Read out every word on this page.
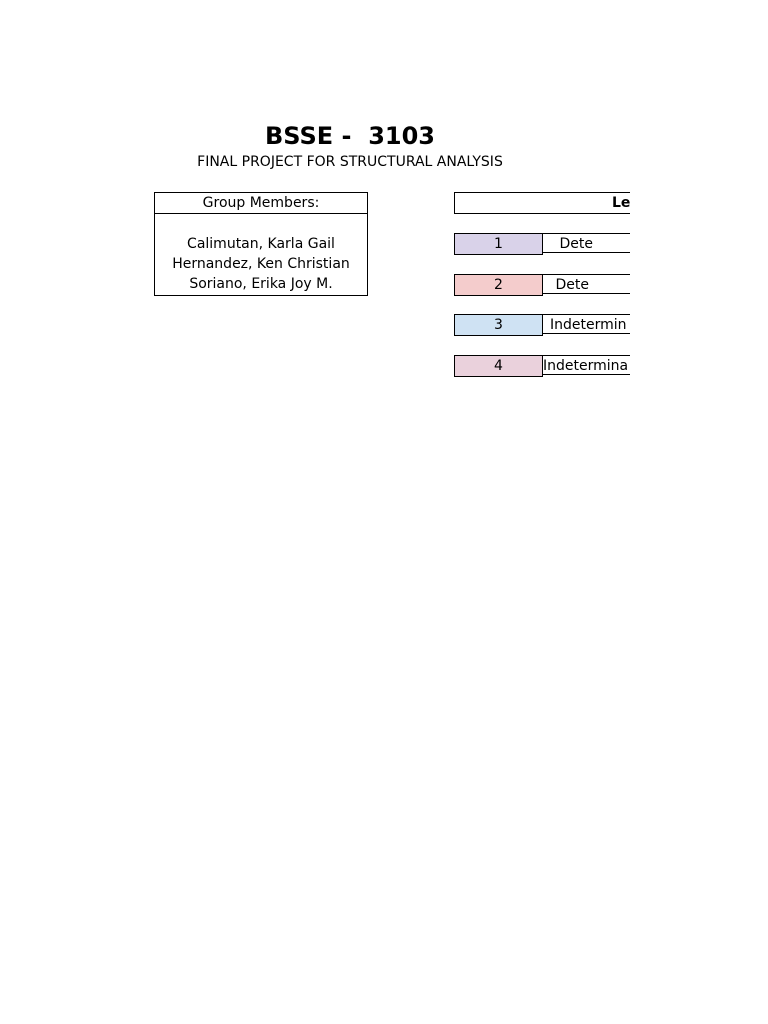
BSSE -  3103
FINAL PROJECT FOR STRUCTURAL ANALYSIS
Group Members:
Calimutan, Karla Gail
Hernandez, Ken Christian
Soriano, Erika Joy M.
Le
1	Dete
2	Dete
3	Indetermin
4	Indetermina
